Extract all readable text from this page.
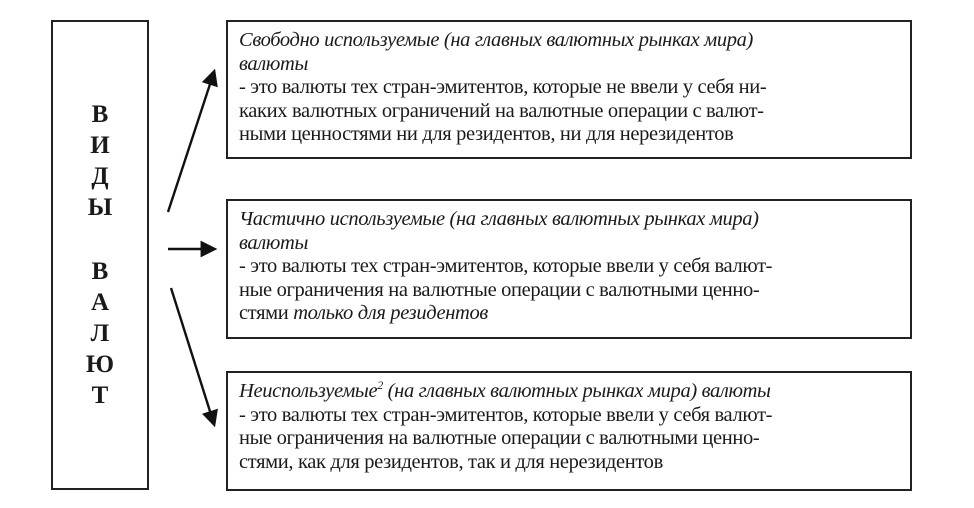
В
И
Д
Ы
В
А
Л
Ю
Т
Свободно используемые (на главных валютных рынках мира)
валюты
- это валюты тех стран-эмитентов, которые не ввели у себя ни-
каких валютных ограничений на валютные операции с валют-
ными ценностями ни для резидентов, ни для нерезидентов
Частично используемые (на главных валютных рынках мира)
валюты
- это валюты тех стран-эмитентов, которые ввели у себя валют-
ные ограничения на валютные операции с валютными ценно-
стями только для резидентов
Неиспользуемые$^2$ (на главных валютных рынках мира) валюты
- это валюты тех стран-эмитентов, которые ввели у себя валют-
ные ограничения на валютные операции с валютными ценно-
стями, как для резидентов, так и для нерезидентов
